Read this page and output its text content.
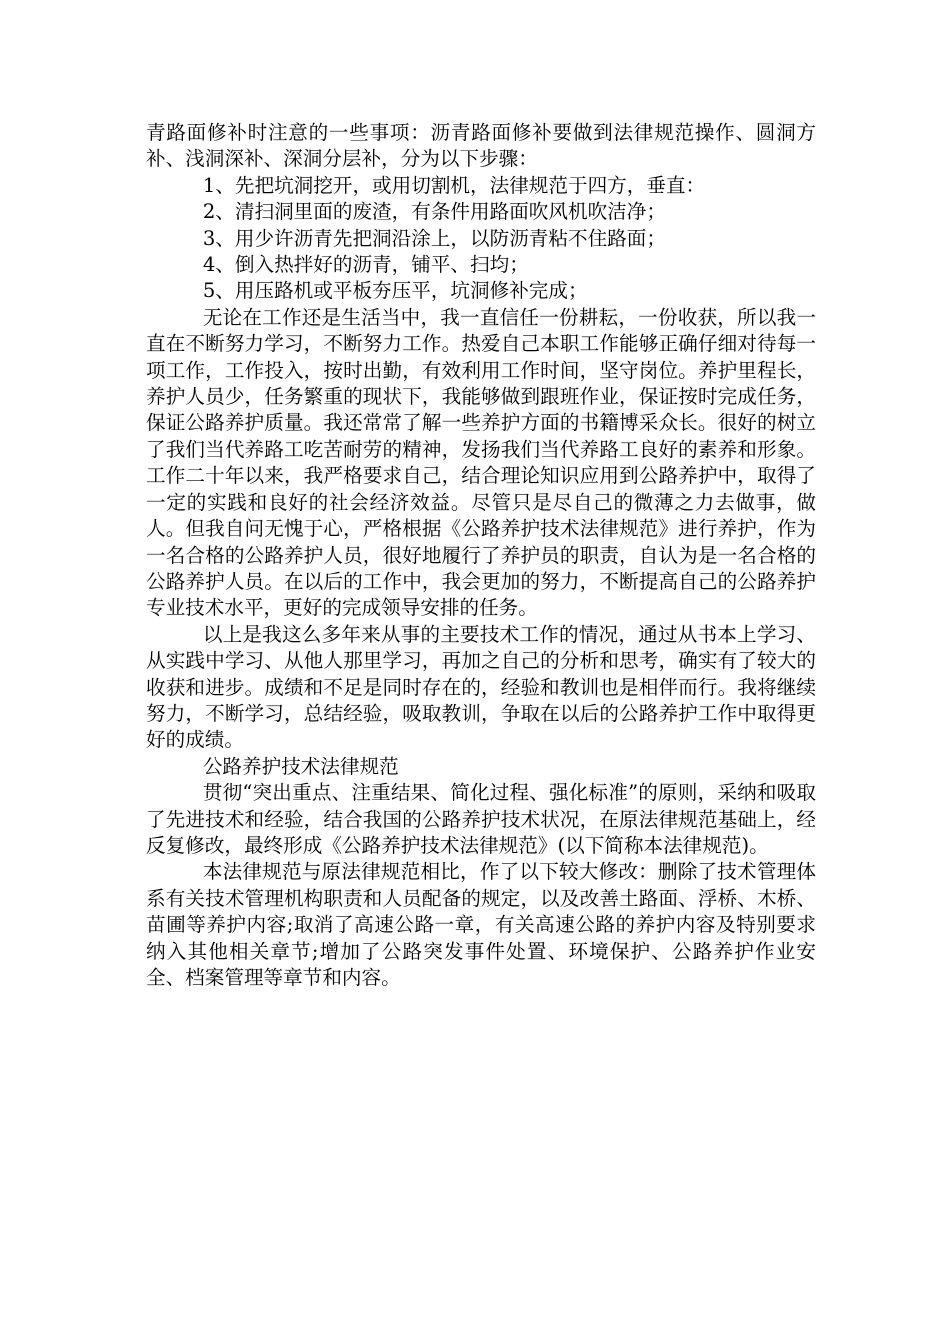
青路面修补时注意的一些事项：沥青路面修补要做到法律规范操作、圆洞方补、浅洞深补、深洞分层补，分为以下步骤：

1、先把坑洞挖开，或用切割机，法律规范于四方，垂直：

2、清扫洞里面的废渣，有条件用路面吹风机吹洁净；

3、用少许沥青先把洞沿涂上，以防沥青粘不住路面；

4、倒入热拌好的沥青，铺平、扫均；

5、用压路机或平板夯压平，坑洞修补完成；

无论在工作还是生活当中，我一直信任一份耕耘，一份收获，所以我一直在不断努力学习，不断努力工作。热爱自己本职工作能够正确仔细对待每一项工作，工作投入，按时出勤，有效利用工作时间，坚守岗位。养护里程长，养护人员少，任务繁重的现状下，我能够做到跟班作业，保证按时完成任务，保证公路养护质量。我还常常了解一些养护方面的书籍博采众长。很好的树立了我们当代养路工吃苦耐劳的精神，发扬我们当代养路工良好的素养和形象。工作二十年以来，我严格要求自己，结合理论知识应用到公路养护中，取得了一定的实践和良好的社会经济效益。尽管只是尽自己的微薄之力去做事，做人。但我自问无愧于心，严格根据《公路养护技术法律规范》进行养护，作为一名合格的公路养护人员，很好地履行了养护员的职责，自认为是一名合格的公路养护人员。在以后的工作中，我会更加的努力，不断提高自己的公路养护专业技术水平，更好的完成领导安排的任务。

以上是我这么多年来从事的主要技术工作的情况，通过从书本上学习、从实践中学习、从他人那里学习，再加之自己的分析和思考，确实有了较大的收获和进步。成绩和不足是同时存在的，经验和教训也是相伴而行。我将继续努力，不断学习，总结经验，吸取教训，争取在以后的公路养护工作中取得更好的成绩。

公路养护技术法律规范

贯彻“突出重点、注重结果、简化过程、强化标准”的原则，采纳和吸取了先进技术和经验，结合我国的公路养护技术状况，在原法律规范基础上，经反复修改，最终形成《公路养护技术法律规范》(以下简称本法律规范)。

本法律规范与原法律规范相比，作了以下较大修改：删除了技术管理体系有关技术管理机构职责和人员配备的规定，以及改善土路面、浮桥、木桥、苗圃等养护内容;取消了高速公路一章，有关高速公路的养护内容及特别要求纳入其他相关章节;增加了公路突发事件处置、环境保护、公路养护作业安全、档案管理等章节和内容。
